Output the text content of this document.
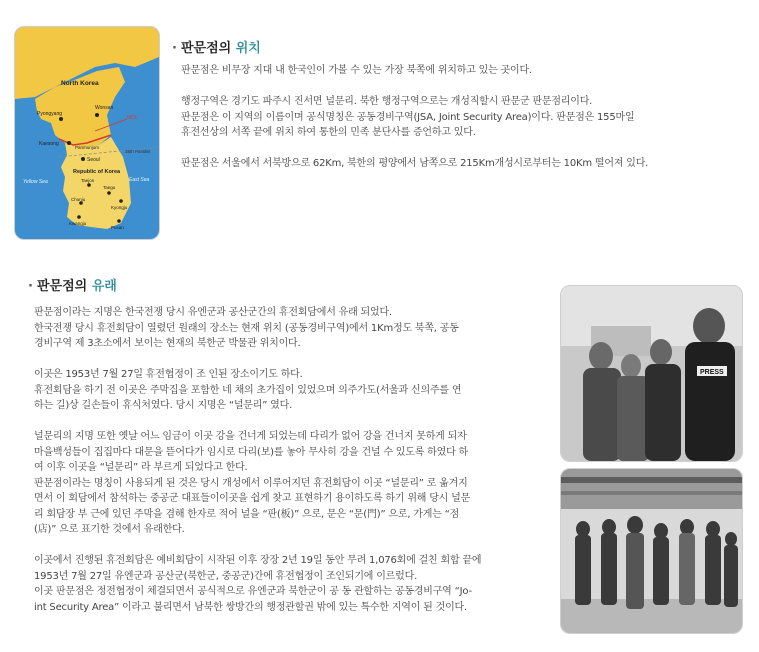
North Korea
Pyongyang
Wonsan
MDL
Kaesong
Panmunjom
Seoul
38th Parallel
Republic of Korea
Yellow Sea	East Sea
Taejon
Taegu
Chonju
Kwangju
Kyongju
Pusan
· 판문점의 위치

판문점은 비무장 지대 내 한국인이 가볼 수 있는 가장 북쪽에 위치하고 있는 곳이다.

행정구역은 경기도 파주시 진서면 널문리. 북한 행정구역으로는 개성직할시 판문군 판문점리이다.

판문점은 이 지역의 이름이며 공식명칭은 공동경비구역(JSA, Joint Security Area)이다. 판문점은 155마일

휴전선상의 서쪽 끝에 위치 하여 통한의 민족 분단사를 증언하고 있다.

판문점은 서울에서 서북방으로 62Km, 북한의 평양에서 남쪽으로 215Km개성시로부터는 10Km 떨어져 있다.

· 판문점의 유래

판문점이라는 지명은 한국전쟁 당시 유엔군과 공산군간의 휴전회담에서 유래 되었다.

한국전쟁 당시 휴전회담이 열렸던 원래의 장소는 현재 위치 (공동경비구역)에서 1Km정도 북쪽, 공동

경비구역 제 3초소에서 보이는 현재의 북한군 박물관 위치이다.

이곳은 1953년 7월 27일 휴전협정이 조 인된 장소이기도 하다.

휴전회담을 하기 전 이곳은 주막집을 포함한 네 채의 초가집이 있었으며 의주가도(서울과 신의주를 연

하는 길)상 길손들이 휴식처였다. 당시 지명은 “널문리” 였다.

널문리의 지명 또한 옛날 어느 임금이 이곳 강을 건너게 되었는데 다리가 없어 강을 건너지 못하게 되자

마을백성들이 집집마다 대문을 뜯어다가 임시로 다리(보)를 놓아 무사히 강을 건널 수 있도록 하였다 하

여 이후 이곳을 “널문리” 라 부르게 되었다고 한다.

판문점이라는 명칭이 사용되게 된 것은 당시 개성에서 이루어지던 휴전회담이 이곳 “널문리” 로 옮겨지

면서 이 회담에서 참석하는 중공군 대표들이이곳을 쉽게 찾고 표현하기 용이하도록 하기 위해 당시 널문

리 회담장 부 근에 있던 주막을 겸해 한자로 적어 널을 “판(板)” 으로, 문은 “문(門)” 으로, 가게는 “점

(店)” 으로 표기한 것에서 유래한다.

이곳에서 진행된 휴전회담은 예비회담이 시작된 이후 장장 2년 19일 동안 무려 1,076회에 걸친 회합 끝에

1953년 7월 27일 유엔군과 공산군(북한군, 중공군)간에 휴전협정이 조인되기에 이르렀다.

이곳 판문점은 정전협정이 체결되면서 공식적으로 유엔군과 북한군이 공 동 관할하는 공동경비구역 “Jo-

int Security Area” 이라고 불리면서 남북한 쌍방간의 행정관할권 밖에 있는 특수한 지역이 된 것이다.

PRESS
